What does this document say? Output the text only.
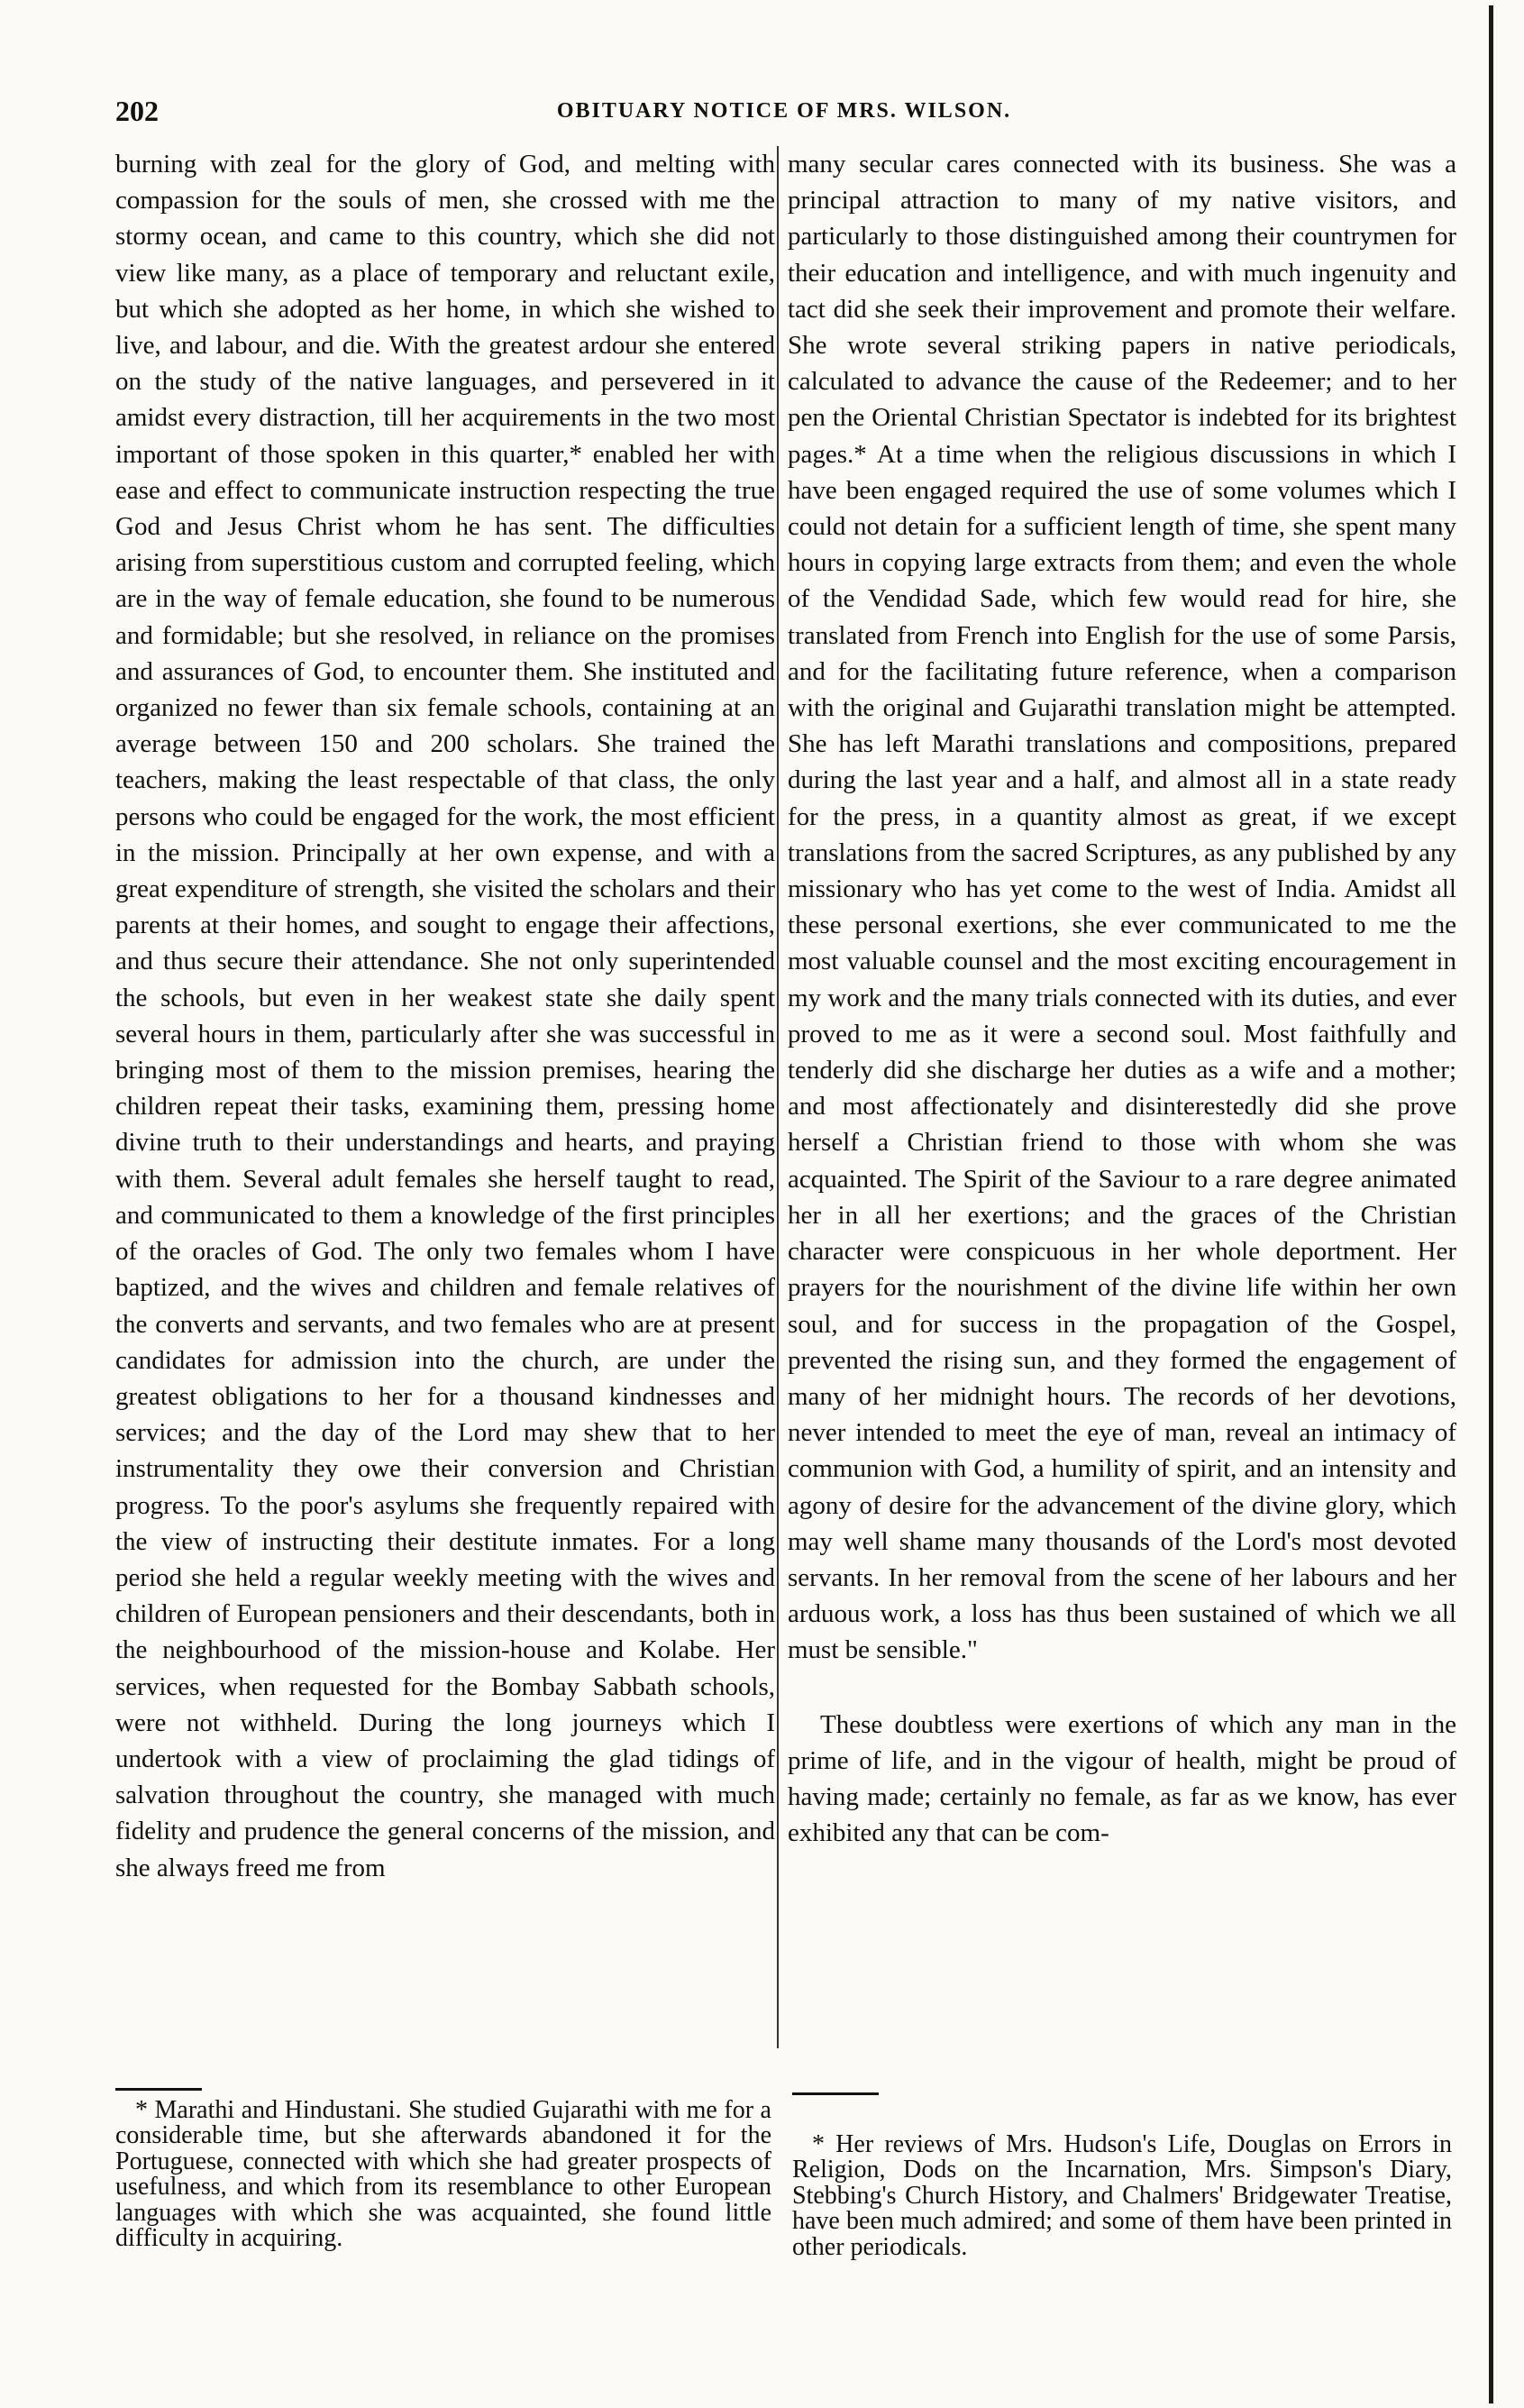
202	OBITUARY NOTICE OF MRS. WILSON.

burning with zeal for the glory of God, and melting with compassion for the souls of men, she crossed with me the stormy ocean, and came to this country, which she did not view like many, as a place of temporary and reluctant exile, but which she adopted as her home, in which she wished to live, and labour, and die. With the greatest ardour she entered on the study of the native languages, and persevered in it amidst every distraction, till her acquirements in the two most important of those spoken in this quarter,* enabled her with ease and effect to communicate instruction respecting the true God and Jesus Christ whom he has sent. The difficulties arising from superstitious custom and corrupted feeling, which are in the way of female education, she found to be numerous and formidable; but she resolved, in reliance on the promises and assurances of God, to encounter them. She instituted and organized no fewer than six female schools, containing at an average between 150 and 200 scholars. She trained the teachers, making the least respectable of that class, the only persons who could be engaged for the work, the most efficient in the mission. Principally at her own expense, and with a great expenditure of strength, she visited the scholars and their parents at their homes, and sought to engage their affections, and thus secure their attendance. She not only superintended the schools, but even in her weakest state she daily spent several hours in them, particularly after she was successful in bringing most of them to the mission premises, hearing the children repeat their tasks, examining them, pressing home divine truth to their understandings and hearts, and praying with them. Several adult females she herself taught to read, and communicated to them a knowledge of the first principles of the oracles of God. The only two females whom I have baptized, and the wives and children and female relatives of the converts and servants, and two females who are at present candidates for admission into the church, are under the greatest obligations to her for a thousand kindnesses and services; and the day of the Lord may shew that to her instrumentality they owe their conversion and Christian progress. To the poor's asylums she frequently repaired with the view of instructing their destitute inmates. For a long period she held a regular weekly meeting with the wives and children of European pensioners and their descendants, both in the neighbourhood of the mission-house and Kolabe. Her services, when requested for the Bombay Sabbath schools, were not withheld. During the long journeys which I undertook with a view of proclaiming the glad tidings of salvation throughout the country, she managed with much fidelity and prudence the general concerns of the mission, and she always freed me from

many secular cares connected with its business. She was a principal attraction to many of my native visitors, and particularly to those distinguished among their countrymen for their education and intelligence, and with much ingenuity and tact did she seek their improvement and promote their welfare. She wrote several striking papers in native periodicals, calculated to advance the cause of the Redeemer; and to her pen the Oriental Christian Spectator is indebted for its brightest pages.* At a time when the religious discussions in which I have been engaged required the use of some volumes which I could not detain for a sufficient length of time, she spent many hours in copying large extracts from them; and even the whole of the Vendidad Sade, which few would read for hire, she translated from French into English for the use of some Parsis, and for the facilitating future reference, when a comparison with the original and Gujarathi translation might be attempted. She has left Marathi translations and compositions, prepared during the last year and a half, and almost all in a state ready for the press, in a quantity almost as great, if we except translations from the sacred Scriptures, as any published by any missionary who has yet come to the west of India. Amidst all these personal exertions, she ever communicated to me the most valuable counsel and the most exciting encouragement in my work and the many trials connected with its duties, and ever proved to me as it were a second soul. Most faithfully and tenderly did she discharge her duties as a wife and a mother; and most affectionately and disinterestedly did she prove herself a Christian friend to those with whom she was acquainted. The Spirit of the Saviour to a rare degree animated her in all her exertions; and the graces of the Christian character were conspicuous in her whole deportment. Her prayers for the nourishment of the divine life within her own soul, and for success in the propagation of the Gospel, prevented the rising sun, and they formed the engagement of many of her midnight hours. The records of her devotions, never intended to meet the eye of man, reveal an intimacy of communion with God, a humility of spirit, and an intensity and agony of desire for the advancement of the divine glory, which may well shame many thousands of the Lord's most devoted servants. In her removal from the scene of her labours and her arduous work, a loss has thus been sustained of which we all must be sensible."

These doubtless were exertions of which any man in the prime of life, and in the vigour of health, might be proud of having made; certainly no female, as far as we know, has ever exhibited any that can be com-

* Marathi and Hindustani. She studied Gujarathi with me for a considerable time, but she afterwards abandoned it for the Portuguese, connected with which she had greater prospects of usefulness, and which from its resemblance to other European languages with which she was acquainted, she found little difficulty in acquiring.

* Her reviews of Mrs. Hudson's Life, Douglas on Errors in Religion, Dods on the Incarnation, Mrs. Simpson's Diary, Stebbing's Church History, and Chalmers' Bridgewater Treatise, have been much admired; and some of them have been printed in other periodicals.
